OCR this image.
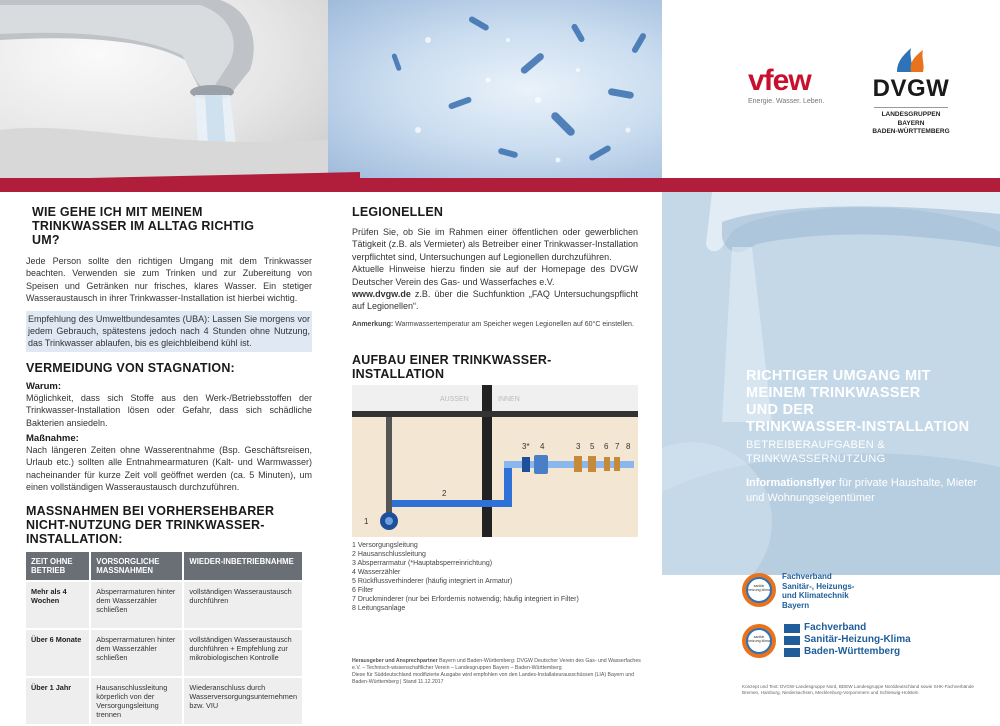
vfew
Energie. Wasser. Leben. DVGW
LANDESGRUPPEN
BAYERN
BADEN-WÜRTTEMBERG
WIE GEHE ICH MIT MEINEM TRINKWASSER IM ALLTAG RICHTIG UM?
Jede Person sollte den richtigen Umgang mit dem Trinkwasser beachten. Verwenden sie zum Trinken und zur Zubereitung von Speisen und Getränken nur frisches, klares Wasser. Ein stetiger Wasseraustausch in ihrer Trinkwasser-Installation ist hierbei wichtig.
Empfehlung des Umweltbundesamtes (UBA): Lassen Sie morgens vor jedem Gebrauch, spätestens jedoch nach 4 Stunden ohne Nutzung, das Trinkwasser ablaufen, bis es gleichbleibend kühl ist.
VERMEIDUNG VON STAGNATION:
Warum:
Möglichkeit, dass sich Stoffe aus den Werk-/Betriebsstoffen der Trinkwasser-Installation lösen oder Gefahr, dass sich schädliche Bakterien ansiedeln.
Maßnahme:
Nach längeren Zeiten ohne Wasserentnahme (Bsp. Geschäftsreisen, Urlaub etc.) sollten alle Entnahmearmaturen (Kalt- und Warmwasser) nacheinander für kurze Zeit voll geöffnet werden (ca. 5 Minuten), um einen vollständigen Wasseraustausch durchzuführen.
MASSNAHMEN BEI VORHERSEHBARER NICHT-NUTZUNG DER TRINKWASSER-INSTALLATION:
ZEIT OHNE BETRIEB	VORSORGLICHE MASSNAHMEN	WIEDER-INBETRIEBNAHME
Mehr als 4 Wochen	Absperrarmaturen hinter dem Wasserzähler schließen	vollständigen Wasseraustausch durchführen
Über 6 Monate	Absperrarmaturen hinter dem Wasserzähler schließen	vollständigen Wasseraustausch durchführen + Empfehlung zur mikrobiologischen Kontrolle
Über 1 Jahr	Hausanschlussleitung körperlich von der Versorgungsleitung trennen	Wiederanschluss durch Wasserversorgungsunternehmen bzw. VIU
LEGIONELLEN
Prüfen Sie, ob Sie im Rahmen einer öffentlichen oder gewerblichen Tätigkeit (z.B. als Vermieter) als Betreiber einer Trinkwasser-Installation verpflichtet sind, Untersuchungen auf Legionellen durchzuführen.
Aktuelle Hinweise hierzu finden sie auf der Homepage des DVGW Deutscher Verein des Gas- und Wasserfaches e.V.
www.dvgw.de z.B. über die Suchfunktion „FAQ Untersuchungspflicht auf Legionellen“.
Anmerkung: Warmwassertemperatur am Speicher wegen Legionellen auf 60°C einstellen.
AUFBAU EINER TRINKWASSER-INSTALLATION
AUSSEN	INNEN
1
2
3* 4	3 5 6 7 8
1 Versorgungsleitung
2 Hausanschlussleitung
3 Absperrarmatur (*Hauptabsperreinrichtung)
4 Wasserzähler
5 Rückflussverhinderer (häufig integriert in Armatur)
6 Filter
7 Druckminderer (nur bei Erfordernis notwendig; häufig integriert in Filter)
8 Leitungsanlage
Herausgeber und Ansprechpartner Bayern und Baden-Württemberg: DVGW Deutscher Verein des Gas- und Wasserfaches e.V. – Technisch-wissenschaftlicher Verein – Landesgruppen Bayern – Baden-Württemberg
Diese für Süddeutschland modifizierte Ausgabe wird empfohlen von den Landes-Installateurausschüssen (LIA) Bayern und Baden-Württemberg | Stand 11.12.2017
RICHTIGER UMGANG MIT
MEINEM TRINKWASSER
UND DER
TRINKWASSER-INSTALLATION
BETREIBERAUFGABEN &
TRINKWASSERNUTZUNG
Informationsflyer für private Haushalte, Mieter und Wohnungseigentümer
sanitär heizung klima
Fachverband
Sanitär-, Heizungs-
und Klimatechnik
Bayern
sanitär heizung klima
Fachverband
Sanitär-Heizung-Klima
Baden-Württemberg
Konzept und Text: DVGW-Landesgruppe Nord, BDEW Landesgruppe Norddeutschland sowie SHK-Fachverbände Bremen, Hamburg, Niedersachsen, Mecklenburg-Vorpommern und Schleswig-Holstein
